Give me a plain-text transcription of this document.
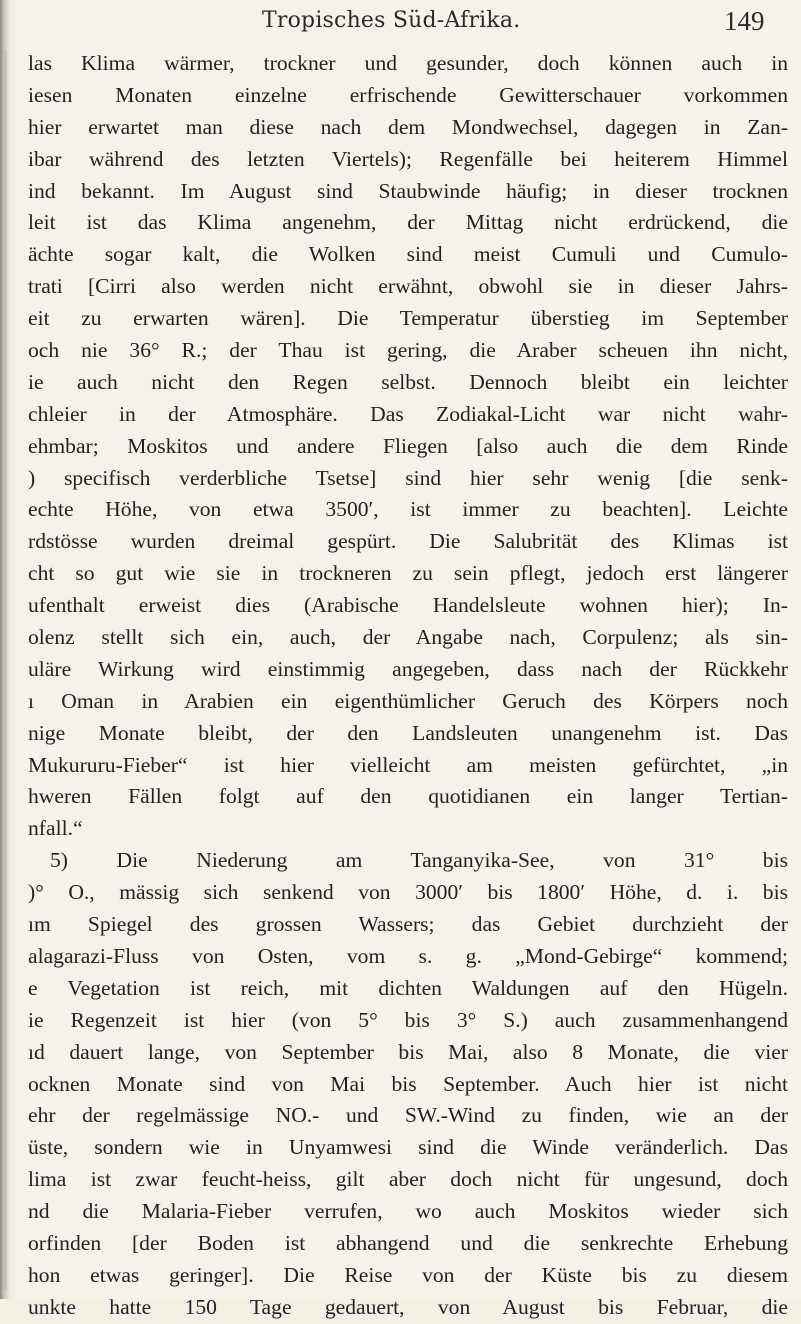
Tropisches Süd-Afrika.	149
las Klima wärmer, trockner und gesunder, doch können auch in
iesen Monaten einzelne erfrischende Gewitterschauer vorkommen
hier erwartet man diese nach dem Mondwechsel, dagegen in Zan-
ibar während des letzten Viertels); Regenfälle bei heiterem Himmel
ind bekannt. Im August sind Staubwinde häufig; in dieser trocknen
leit ist das Klima angenehm, der Mittag nicht erdrückend, die
ächte sogar kalt, die Wolken sind meist Cumuli und Cumulo-
trati [Cirri also werden nicht erwähnt, obwohl sie in dieser Jahrs-
eit zu erwarten wären]. Die Temperatur überstieg im September
och nie 36° R.; der Thau ist gering, die Araber scheuen ihn nicht,
ie auch nicht den Regen selbst. Dennoch bleibt ein leichter
chleier in der Atmosphäre. Das Zodiakal-Licht war nicht wahr-
ehmbar; Moskitos und andere Fliegen [also auch die dem Rinde
) specifisch verderbliche Tsetse] sind hier sehr wenig [die senk-
echte Höhe, von etwa 3500′, ist immer zu beachten]. Leichte
rdstösse wurden dreimal gespürt. Die Salubrität des Klimas ist
cht so gut wie sie in trockneren zu sein pflegt, jedoch erst längerer
ufenthalt erweist dies (Arabische Handelsleute wohnen hier); In-
olenz stellt sich ein, auch, der Angabe nach, Corpulenz; als sin-
uläre Wirkung wird einstimmig angegeben, dass nach der Rückkehr
ı Oman in Arabien ein eigenthümlicher Geruch des Körpers noch
nige Monate bleibt, der den Landsleuten unangenehm ist. Das
Mukururu-Fieber“ ist hier vielleicht am meisten gefürchtet, „in
hweren Fällen folgt auf den quotidianen ein langer Tertian-
nfall.“
5) Die Niederung am Tanganyika-See, von 31° bis
)° O., mässig sich senkend von 3000′ bis 1800′ Höhe, d. i. bis
ım Spiegel des grossen Wassers; das Gebiet durchzieht der
alagarazi-Fluss von Osten, vom s. g. „Mond-Gebirge“ kommend;
e Vegetation ist reich, mit dichten Waldungen auf den Hügeln.
ie Regenzeit ist hier (von 5° bis 3° S.) auch zusammenhangend
ıd dauert lange, von September bis Mai, also 8 Monate, die vier
ocknen Monate sind von Mai bis September. Auch hier ist nicht
ehr der regelmässige NO.- und SW.-Wind zu finden, wie an der
üste, sondern wie in Unyamwesi sind die Winde veränderlich. Das
lima ist zwar feucht-heiss, gilt aber doch nicht für ungesund, doch
nd die Malaria-Fieber verrufen, wo auch Moskitos wieder sich
orfinden [der Boden ist abhangend und die senkrechte Erhebung
hon etwas geringer]. Die Reise von der Küste bis zu diesem
unkte hatte 150 Tage gedauert, von August bis Februar, die
